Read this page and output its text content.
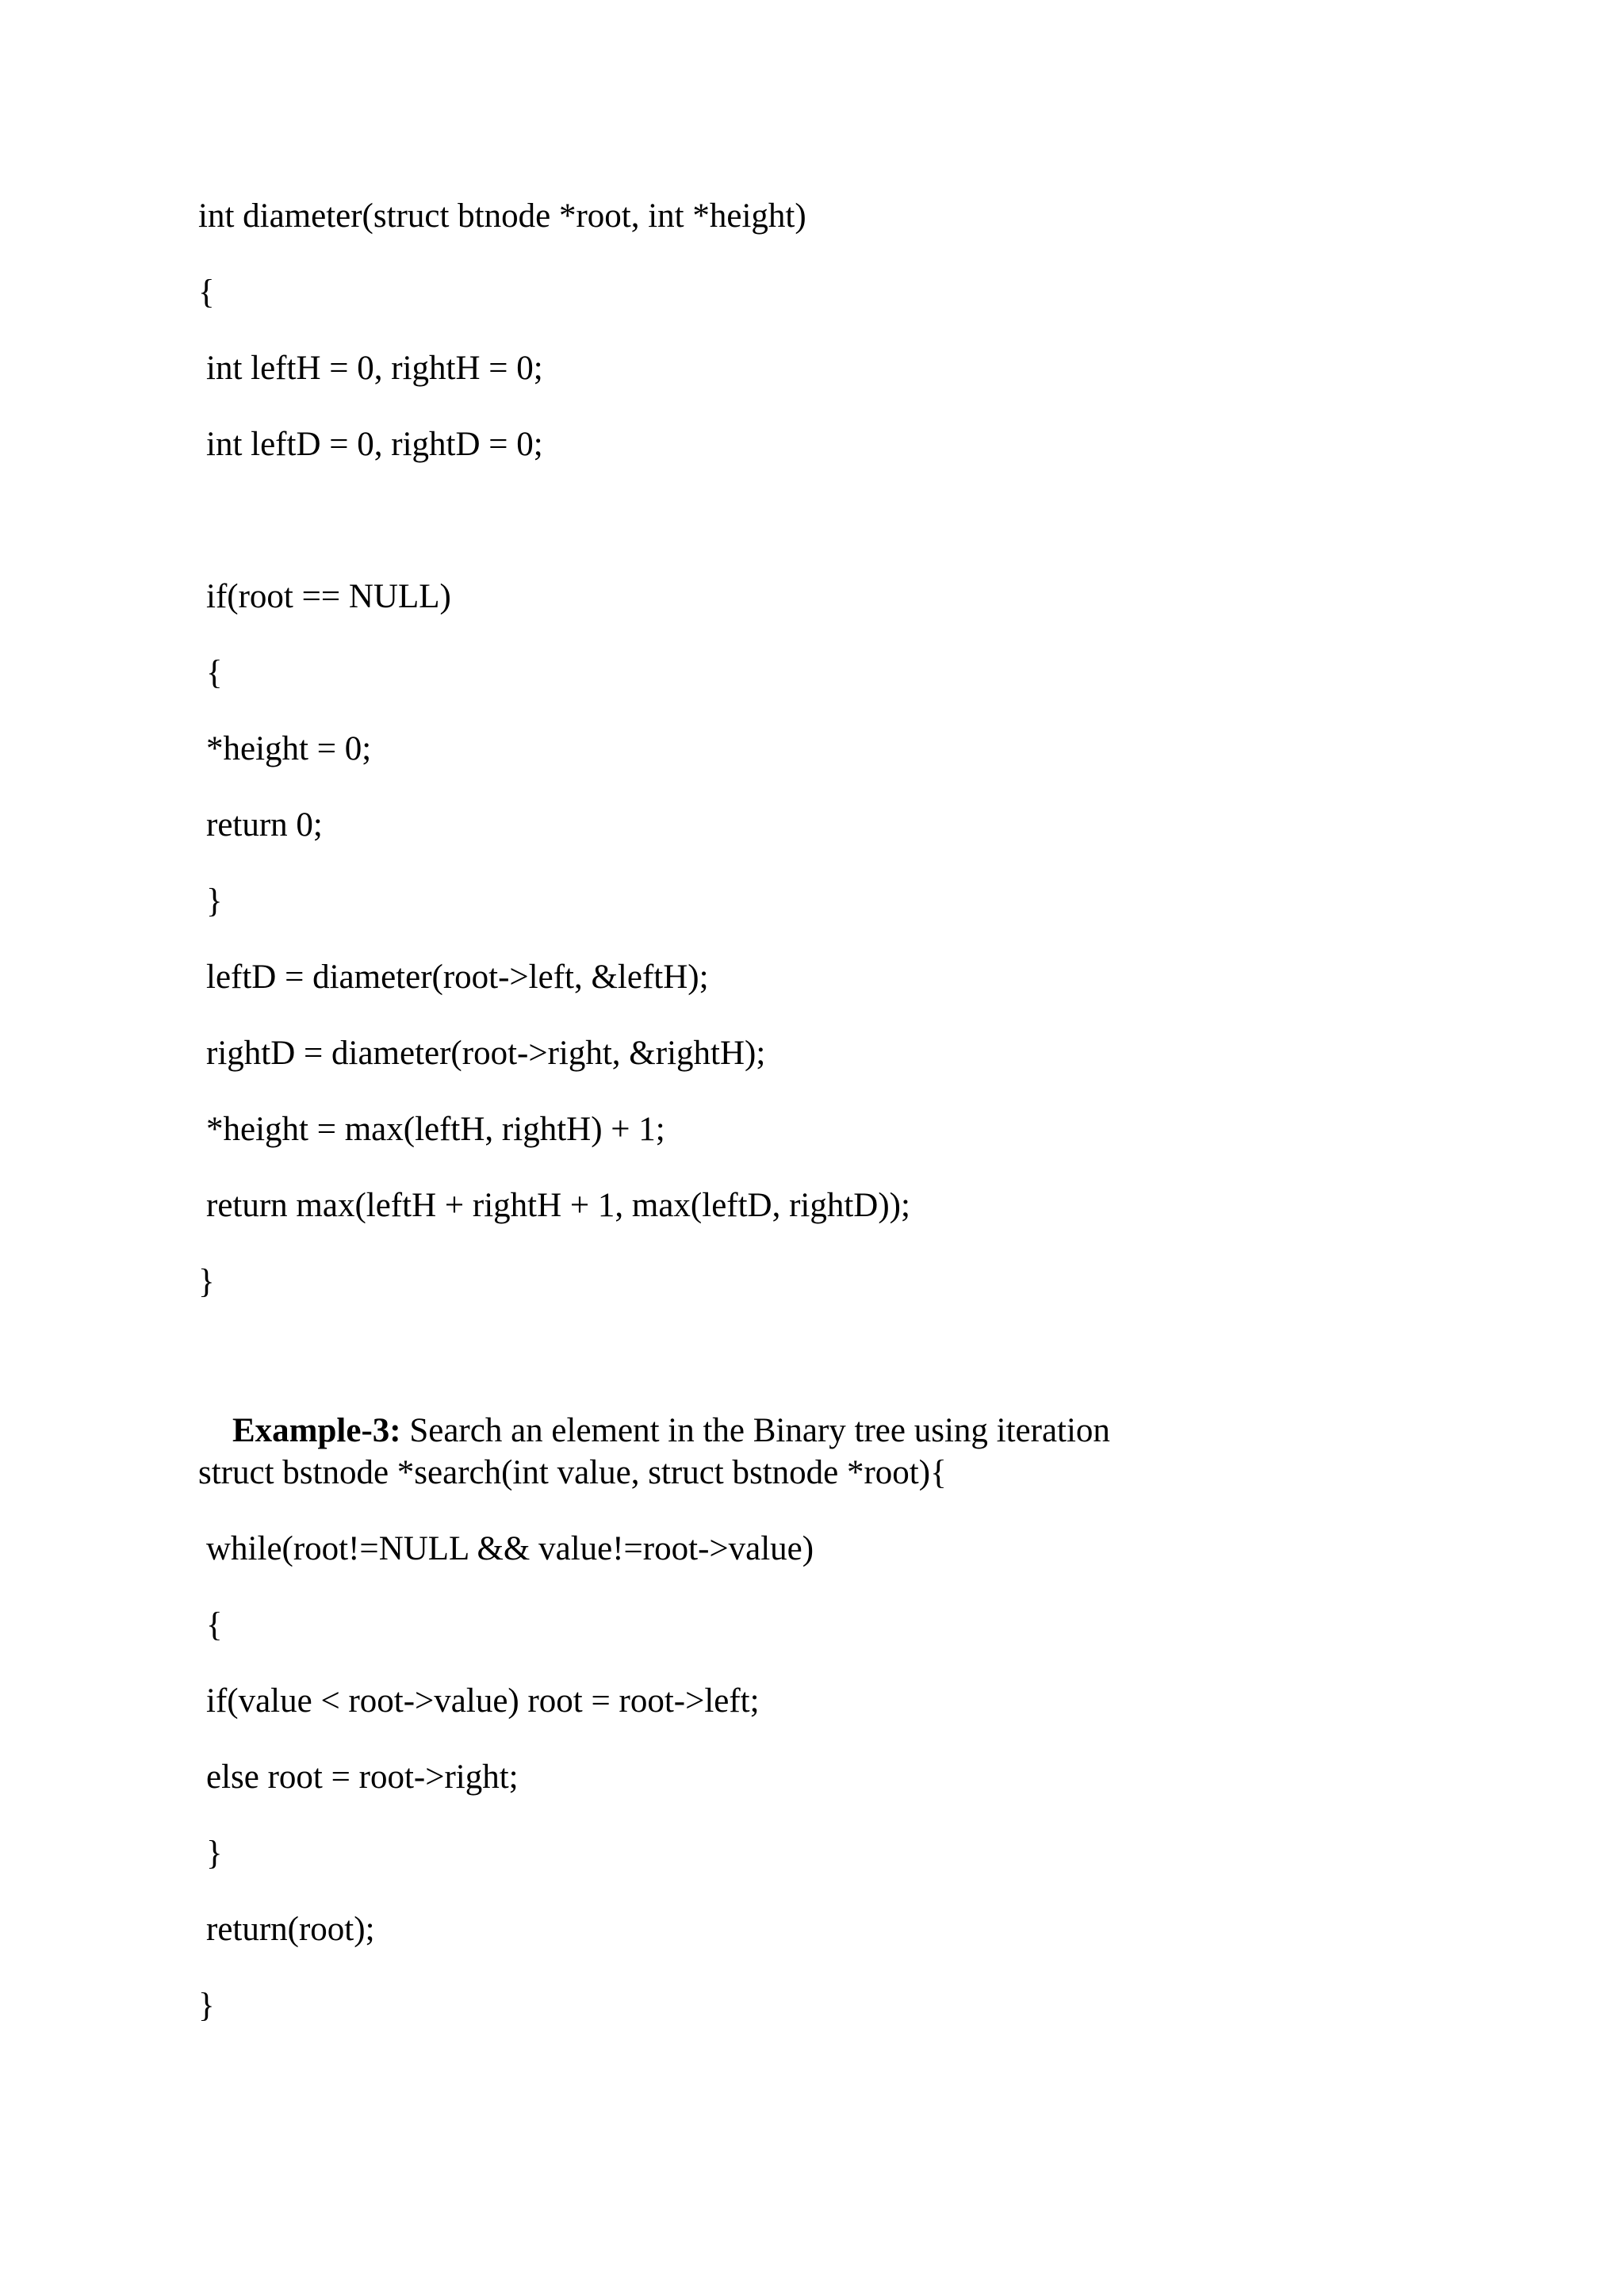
int diameter(struct btnode *root, int *height)
{
int leftH = 0, rightH = 0;
int leftD = 0, rightD = 0;
if(root == NULL)
{
*height = 0;
return 0;
}
leftD = diameter(root->left, &leftH);
rightD = diameter(root->right, &rightH);
*height = max(leftH, rightH) + 1;
return max(leftH + rightH + 1, max(leftD, rightD));
}

Example-3: Search an element in the Binary tree using iteration

struct bstnode *search(int value, struct bstnode *root){
while(root!=NULL && value!=root->value)
{
if(value < root->value) root = root->left;
else root = root->right;
}
return(root);
}
